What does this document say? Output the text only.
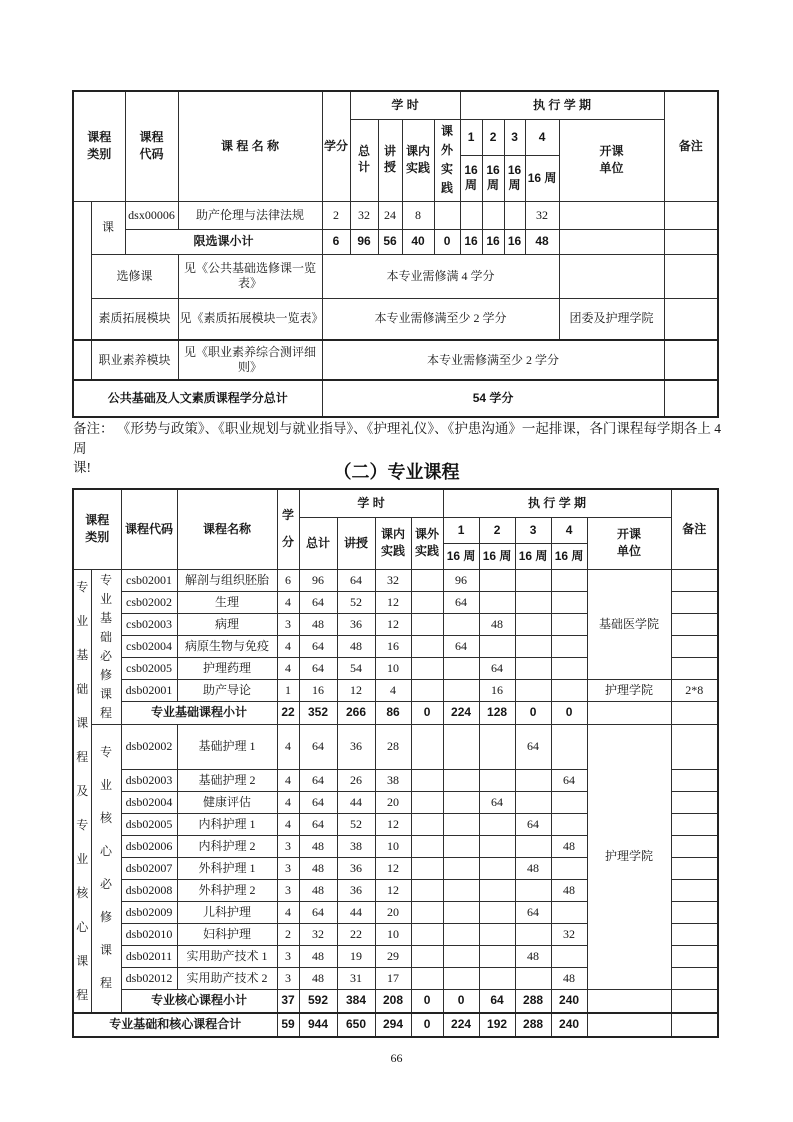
课程类别		课程代码	课 程 名 称	学分	学 时				执 行 学 期					备注
					总计	讲授	课内实践	课外实践	1	2	3	4	开课单位	
									16周	16周	16周	16 周		
	课	dsx00006	助产伦理与法律法规	2	32	24	8					32		
		限选课小计		6	96	56	40	0	16	16	16	48		
	选修课		见《公共基础选修课一览表》	本专业需修满 4 学分										
	素质拓展模块		见《素质拓展模块一览表》	本专业需修满至少 2 学分									团委及护理学院	
	职业素养模块		见《职业素养综合测评细则》	本专业需修满至少 2 学分										
公共基础及人文素质课程学分总计				54 学分										
备注： 《形势与政策》、《职业规划与就业指导》、《护理礼仪》、《护患沟通》一起排课，各门课程每学期各上 4 周
课!	（二）专业课程
课程类别		课程代码	课程名称	学分	学 时				执 行 学 期					备注
					总计	讲授	课内实践	课外实践	1	2	3	4	开课单位	
									16 周	16 周	16 周	16 周		
专业基础课程及专业核心课程	专业基础必修课程	csb02001	解剖与组织胚胎	6	96	64	32		96				基础医学院	
		csb02002	生理	4	64	52	12		64					
		csb02003	病理	3	48	36	12			48				
		csb02004	病原生物与免疫	4	64	48	16		64					
		csb02005	护理药理	4	64	54	10			64				
		dsb02001	助产导论	1	16	12	4			16			护理学院	2*8
		专业基础课程小计		22	352	266	86	0	224	128	0	0		
	专业核心必修课程	dsb02002	基础护理 1	4	64	36	28				64		护理学院	
		dsb02003	基础护理 2	4	64	26	38					64		
		dsb02004	健康评估	4	64	44	20			64				
		dsb02005	内科护理 1	4	64	52	12				64			
		dsb02006	内科护理 2	3	48	38	10					48		
		dsb02007	外科护理 1	3	48	36	12				48			
		dsb02008	外科护理 2	3	48	36	12					48		
		dsb02009	儿科护理	4	64	44	20				64			
		dsb02010	妇科护理	2	32	22	10					32		
		dsb02011	实用助产技术 1	3	48	19	29				48			
		dsb02012	实用助产技术 2	3	48	31	17					48		
		专业核心课程小计		37	592	384	208	0	0	64	288	240		
专业基础和核心课程合计				59	944	650	294	0	224	192	288	240		
66
